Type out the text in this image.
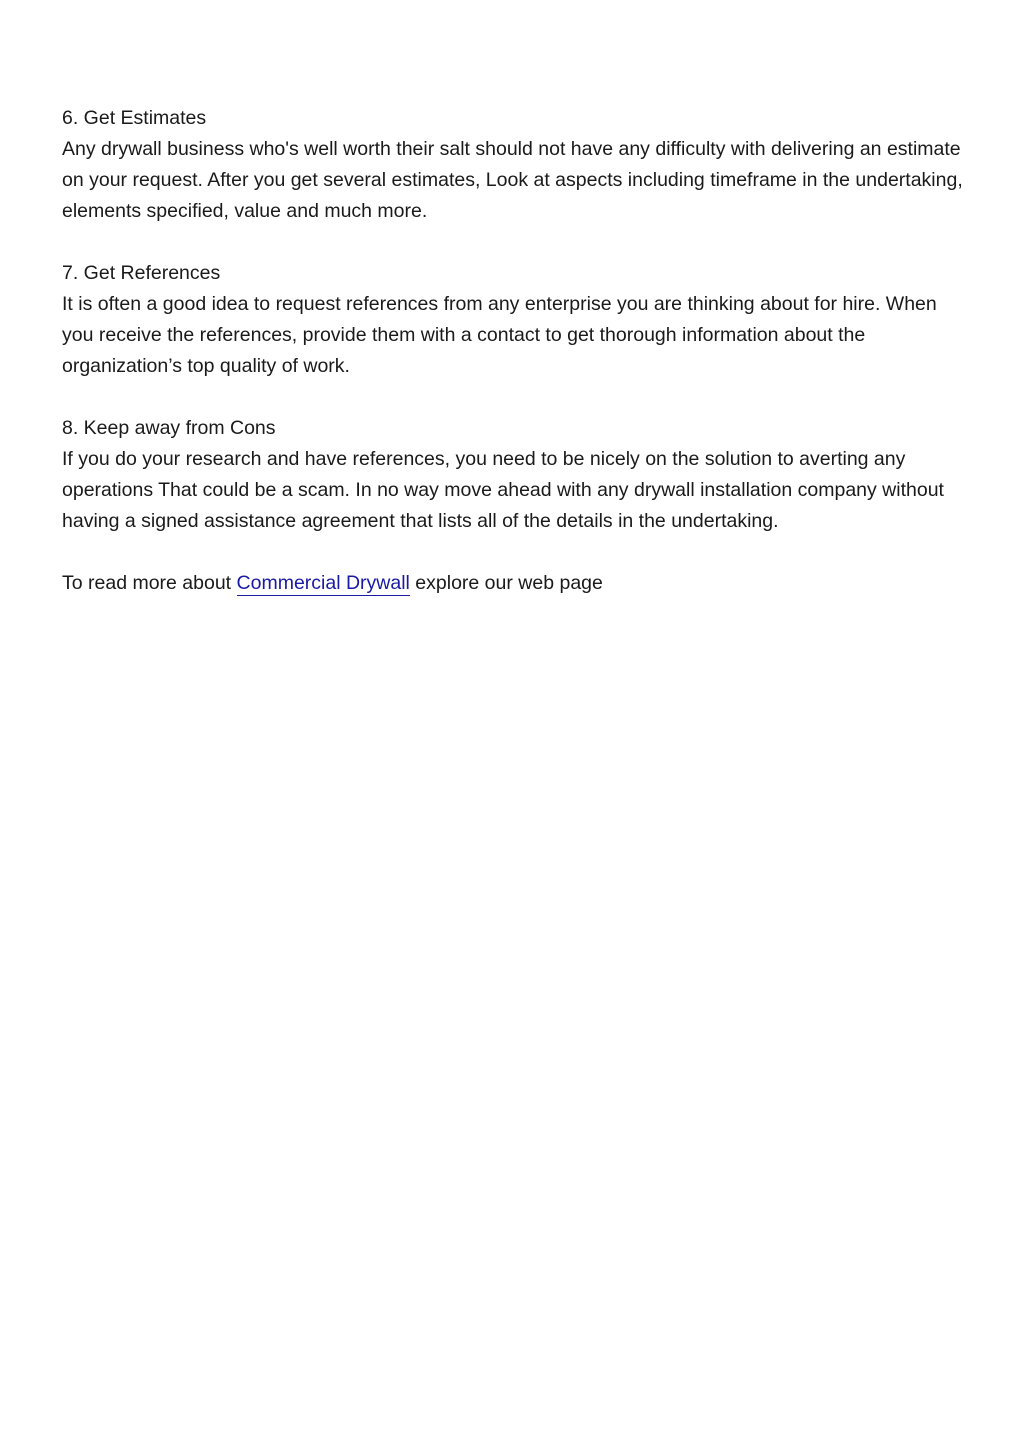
6. Get Estimates
Any drywall business who's well worth their salt should not have any difficulty with delivering an estimate on your request. After you get several estimates, Look at aspects including timeframe in the undertaking, elements specified, value and much more.

7. Get References
It is often a good idea to request references from any enterprise you are thinking about for hire. When you receive the references, provide them with a contact to get thorough information about the organization’s top quality of work.

8. Keep away from Cons
If you do your research and have references, you need to be nicely on the solution to averting any operations That could be a scam. In no way move ahead with any drywall installation company without having a signed assistance agreement that lists all of the details in the undertaking.

To read more about Commercial Drywall explore our web page
